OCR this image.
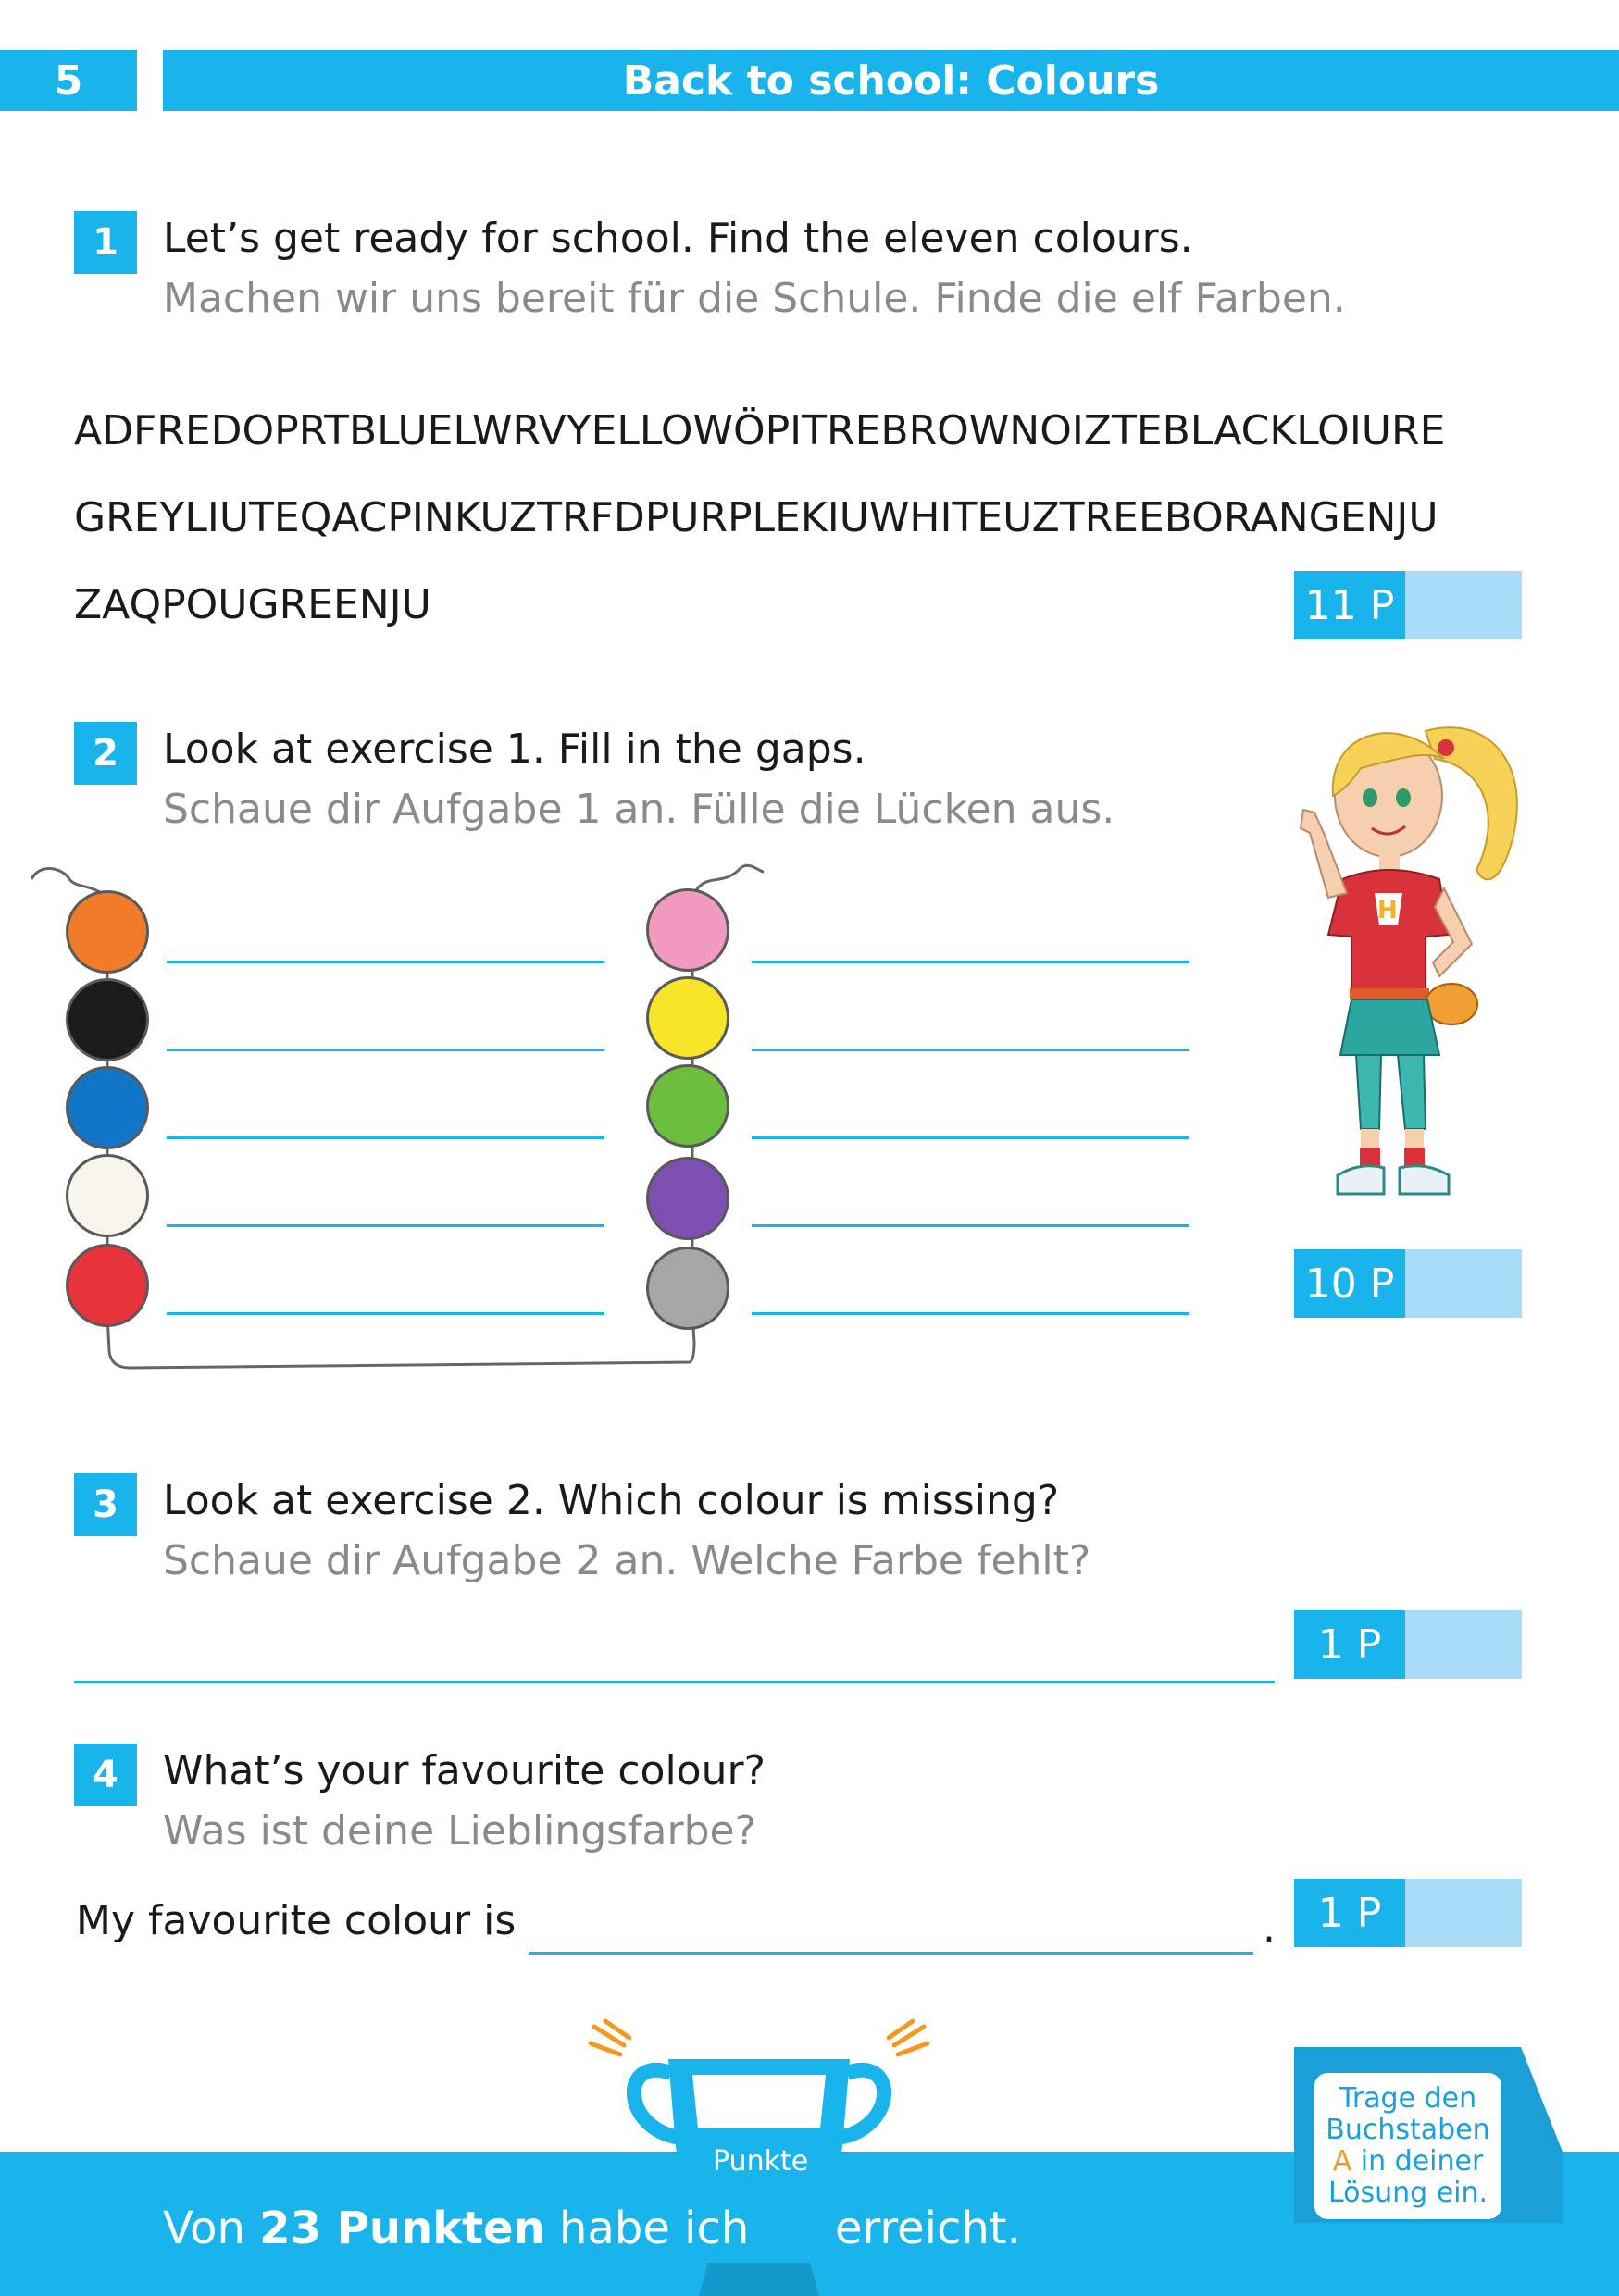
5	Back to school: Colours
1	Let’s get ready for school. Find the eleven colours.
Machen wir uns bereit für die Schule. Finde die elf Farben.
ADFREDOPRTBLUELWRVYELLOWÖPITREBROWNOIZTEBLACKLOIURE
GREYLIUTEQACPINKUZTRFDPURPLEKIUWHITEUZTREEBORANGENJU
ZAQPOUGREENJU	11 P
2	Look at exercise 1. Fill in the gaps.
Schaue dir Aufgabe 1 an. Fülle die Lücken aus.
H
10 P
3	Look at exercise 2. Which colour is missing?
Schaue dir Aufgabe 2 an. Welche Farbe fehlt?
1 P
4	What’s your favourite colour?
Was ist deine Lieblingsfarbe?
My favourite colour is	.	1 P
Trage den
Buchstaben
A in deiner
Lösung ein.
Punkte
Von 23 Punkten habe ich erreicht.
